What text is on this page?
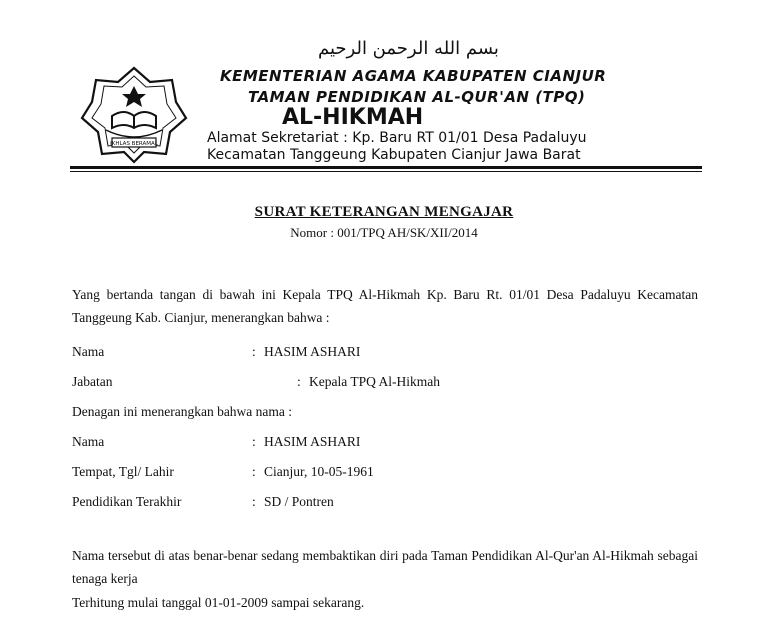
بسم الله الرحمن الرحيم
IKHLAS BERAMAL
KEMENTERIAN AGAMA KABUPATEN CIANJUR
TAMAN PENDIDIKAN AL-QUR'AN (TPQ)
AL-HIKMAH
Alamat Sekretariat : Kp. Baru RT 01/01 Desa Padaluyu
Kecamatan Tanggeung Kabupaten Cianjur Jawa Barat
SURAT KETERANGAN MENGAJAR
Nomor : 001/TPQ AH/SK/XII/2014
Yang bertanda tangan di bawah ini Kepala TPQ Al-Hikmah Kp. Baru Rt. 01/01 Desa Padaluyu Kecamatan Tanggeung Kab. Cianjur, menerangkan bahwa :
Nama	: HASIM ASHARI
Jabatan	: Kepala TPQ Al-Hikmah
Denagan ini menerangkan bahwa nama :
Nama	: HASIM ASHARI
Tempat, Tgl/ Lahir	: Cianjur, 10-05-1961
Pendidikan Terakhir	: SD / Pontren
Nama tersebut di atas benar-benar sedang membaktikan diri pada Taman Pendidikan Al-Qur'an Al-Hikmah sebagai tenaga kerja
Terhitung mulai tanggal 01-01-2009 sampai sekarang.
